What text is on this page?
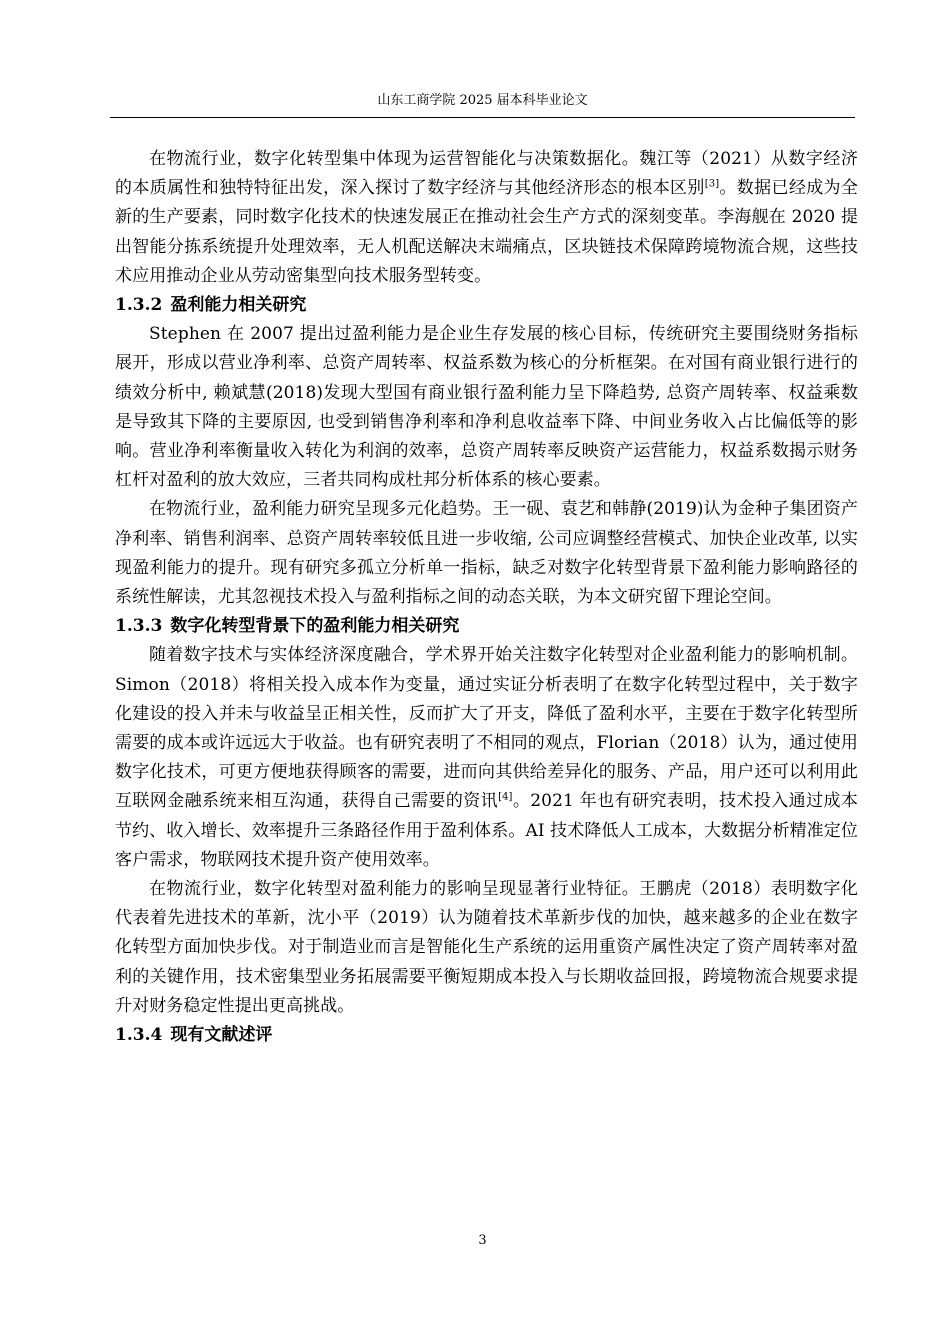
山东工商学院 2025 届本科毕业论文

在物流行业，数字化转型集中体现为运营智能化与决策数据化。魏江等（2021）从数字经济的本质属性和独特特征出发，深入探讨了数字经济与其他经济形态的根本区别[3]。数据已经成为全新的生产要素，同时数字化技术的快速发展正在推动社会生产方式的深刻变革。李海舰在 2020 提出智能分拣系统提升处理效率，无人机配送解决末端痛点，区块链技术保障跨境物流合规，这些技术应用推动企业从劳动密集型向技术服务型转变。

1.3.2 盈利能力相关研究

Stephen 在 2007 提出过盈利能力是企业生存发展的核心目标，传统研究主要围绕财务指标展开，形成以营业净利率、总资产周转率、权益系数为核心的分析框架。在对国有商业银行进行的绩效分析中, 赖斌慧(2018)发现大型国有商业银行盈利能力呈下降趋势, 总资产周转率、权益乘数是导致其下降的主要原因, 也受到销售净利率和净利息收益率下降、中间业务收入占比偏低等的影响。营业净利率衡量收入转化为利润的效率，总资产周转率反映资产运营能力，权益系数揭示财务杠杆对盈利的放大效应，三者共同构成杜邦分析体系的核心要素。

在物流行业，盈利能力研究呈现多元化趋势。王一砚、袁艺和韩静(2019)认为金种子集团资产净利率、销售利润率、总资产周转率较低且进一步收缩, 公司应调整经营模式、加快企业改革, 以实现盈利能力的提升。现有研究多孤立分析单一指标，缺乏对数字化转型背景下盈利能力影响路径的系统性解读，尤其忽视技术投入与盈利指标之间的动态关联，为本文研究留下理论空间。

1.3.3 数字化转型背景下的盈利能力相关研究

随着数字技术与实体经济深度融合，学术界开始关注数字化转型对企业盈利能力的影响机制。Simon（2018）将相关投入成本作为变量，通过实证分析表明了在数字化转型过程中，关于数字化建设的投入并未与收益呈正相关性，反而扩大了开支，降低了盈利水平，主要在于数字化转型所需要的成本或许远远大于收益。也有研究表明了不相同的观点，Florian（2018）认为，通过使用数字化技术，可更方便地获得顾客的需要，进而向其供给差异化的服务、产品，用户还可以利用此互联网金融系统来相互沟通，获得自己需要的资讯[4]。2021 年也有研究表明，技术投入通过成本节约、收入增长、效率提升三条路径作用于盈利体系。AI 技术降低人工成本，大数据分析精准定位客户需求，物联网技术提升资产使用效率。

在物流行业，数字化转型对盈利能力的影响呈现显著行业特征。王鹏虎（2018）表明数字化代表着先进技术的革新，沈小平（2019）认为随着技术革新步伐的加快，越来越多的企业在数字化转型方面加快步伐。对于制造业而言是智能化生产系统的运用重资产属性决定了资产周转率对盈利的关键作用，技术密集型业务拓展需要平衡短期成本投入与长期收益回报，跨境物流合规要求提升对财务稳定性提出更高挑战。

1.3.4 现有文献述评
3
